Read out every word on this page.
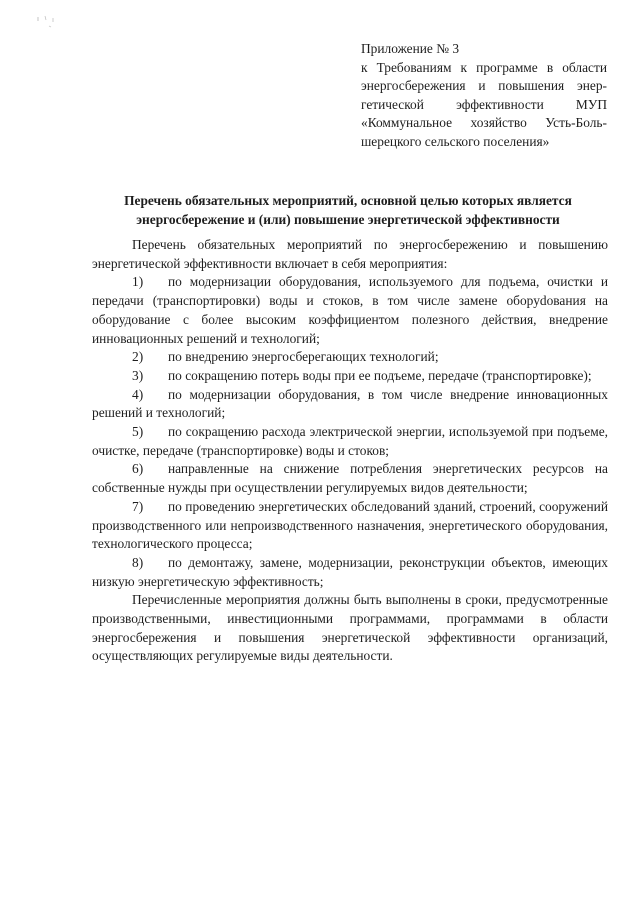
Приложение № 3
к Требованиям к программе в области
энергосбережения и повышения энер-
гетической эффективности МУП
«Коммунальное хозяйство Усть-Боль-
шерецкого сельского поселения»
Перечень обязательных мероприятий, основной целью которых является
энергосбережение и (или) повышение энергетической эффективности

Перечень обязательных мероприятий по энергосбережению и повышению энергетической эффективности включает в себя мероприятия:

1) по модернизации оборудования, используемого для подъема, очистки и передачи (транспортировки) воды и стоков, в том числе замене оборуdования на оборудование с более высоким коэффициентом полезного действия, внедрение инновационных решений и технологий;

2) по внедрению энергосберегающих технологий;

3) по сокращению потерь воды при ее подъеме, передаче (транспортировке);

4) по модернизации оборудования, в том числе внедрение инновационных решений и технологий;

5) по сокращению расхода электрической энергии, используемой при подъеме, очистке, передаче (транспортировке) воды и стоков;

6) направленные на снижение потребления энергетических ресурсов на собственные нужды при осуществлении регулируемых видов деятельности;

7) по проведению энергетических обследований зданий, строений, сооружений производственного или непроизводственного назначения, энергетического оборудования, технологического процесса;

8) по демонтажу, замене, модернизации, реконструкции объектов, имеющих низкую энергетическую эффективность;

Перечисленные мероприятия должны быть выполнены в сроки, предусмотренные производственными, инвестиционными программами, программами в области энергосбережения и повышения энергетической эффективности организаций, осуществляющих регулируемые виды деятельности.
